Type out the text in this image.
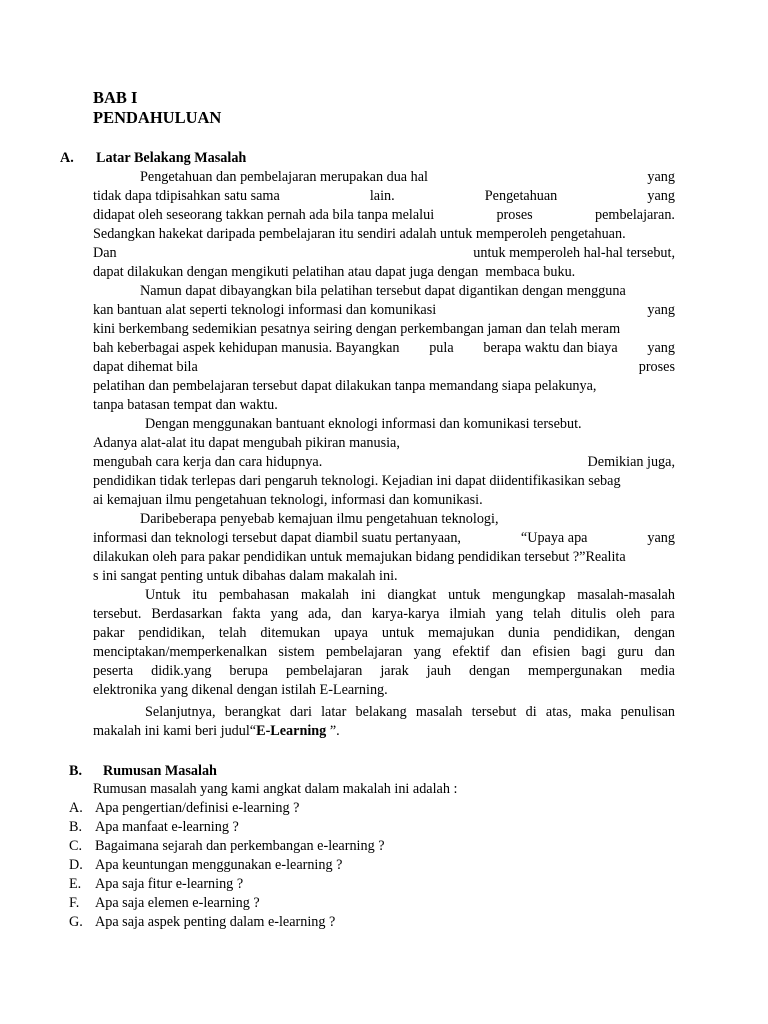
BAB I
PENDAHULUAN
A. Latar Belakang Masalah
Pengetahuan dan pembelajaran merupakan dua hal	yang
tidak dapa tdipisahkan satu sama	lain.	Pengetahuan	yang
didapat oleh seseorang takkan pernah ada bila tanpa melalui	proses	pembelajaran.
Sedangkan hakekat daripada pembelajaran itu sendiri adalah untuk memperoleh pengetahuan.
Dan	untuk memperoleh hal-hal tersebut,
dapat dilakukan dengan mengikuti pelatihan atau dapat juga dengan  membaca buku.
Namun dapat dibayangkan bila pelatihan tersebut dapat digantikan dengan mengguna
kan bantuan alat seperti teknologi informasi dan komunikasi	yang
kini berkembang sedemikian pesatnya seiring dengan perkembangan jaman dan telah meram
bah keberbagai aspek kehidupan manusia. Bayangkan pula berapa waktu dan biaya yang
dapat dihemat bila	proses
pelatihan dan pembelajaran tersebut dapat dilakukan tanpa memandang siapa pelakunya,
tanpa batasan tempat dan waktu.
Dengan menggunakan bantuant eknologi informasi dan komunikasi tersebut.
Adanya alat-alat itu dapat mengubah pikiran manusia,
mengubah cara kerja dan cara hidupnya.	Demikian juga,
pendidikan tidak terlepas dari pengaruh teknologi. Kejadian ini dapat diidentifikasikan sebag
ai kemajuan ilmu pengetahuan teknologi, informasi dan komunikasi.
Daribeberapa penyebab kemajuan ilmu pengetahuan teknologi,
informasi dan teknologi tersebut dapat diambil suatu pertanyaan,	“Upaya apa	yang
dilakukan oleh para pakar pendidikan untuk memajukan bidang pendidikan tersebut ?”Realita
s ini sangat penting untuk dibahas dalam makalah ini.
Untuk itu pembahasan makalah ini diangkat untuk mengungkap masalah-masalah
tersebut. Berdasarkan fakta yang ada, dan karya-karya ilmiah yang telah ditulis oleh para
pakar pendidikan, telah ditemukan upaya untuk memajukan dunia pendidikan, dengan
menciptakan/memperkenalkan sistem pembelajaran yang efektif dan efisien bagi guru dan
peserta didik.yang berupa pembelajaran jarak jauh dengan mempergunakan media
elektronika yang dikenal dengan istilah E-Learning.
Selanjutnya, berangkat dari latar belakang masalah tersebut di atas, maka penulisan
makalah ini kami beri judul“ E-Learning ”.
B. Rumusan Masalah
Rumusan masalah yang kami angkat dalam makalah ini adalah :
A. Apa pengertian/definisi e-learning ?
B. Apa manfaat e-learning ?
C. Bagaimana sejarah dan perkembangan e-learning ?
D. Apa keuntungan menggunakan e-learning ?
E. Apa saja fitur e-learning ?
F. Apa saja elemen e-learning ?
G. Apa saja aspek penting dalam e-learning ?
